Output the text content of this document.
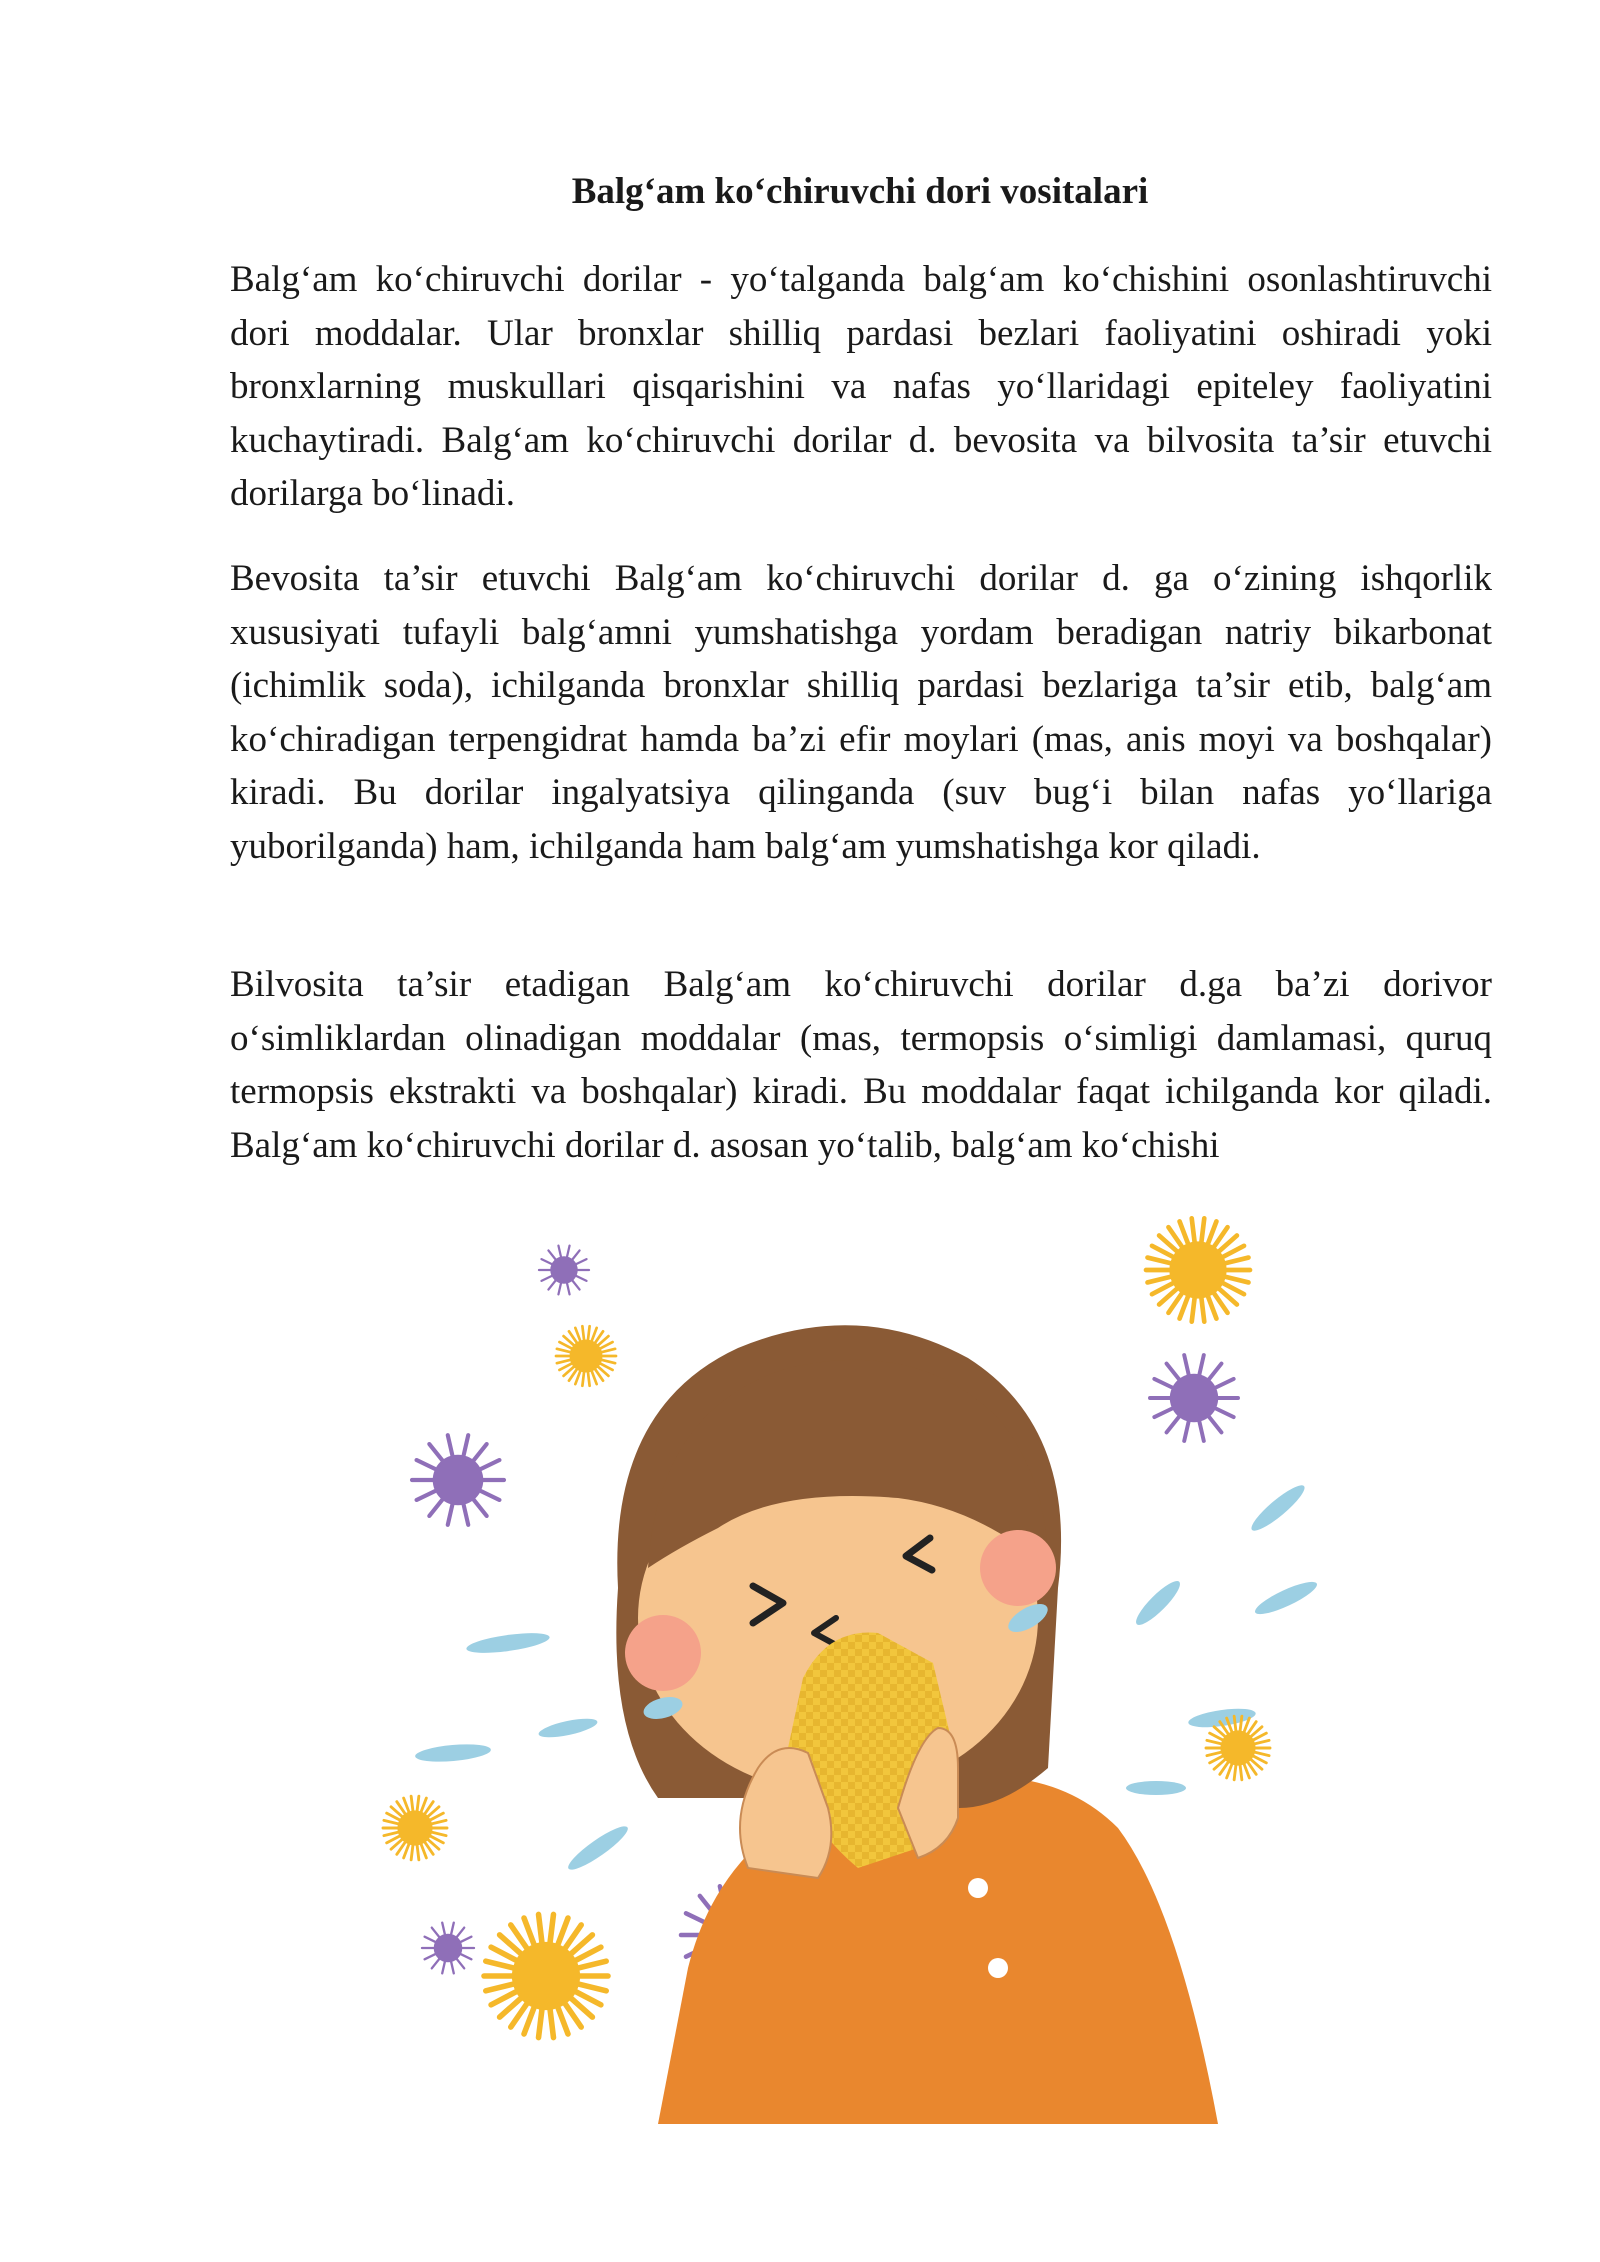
Balg‘am ko‘chiruvchi dori vositalari

Balg‘am ko‘chiruvchi dorilar - yo‘talganda balg‘am ko‘chishini osonlashtiruvchi dori moddalar. Ular bronxlar shilliq pardasi bezlari faoliyatini oshiradi yoki bronxlarning muskullari qisqarishini va nafas yo‘llaridagi epiteley faoliyatini kuchaytiradi. Balg‘am ko‘chiruvchi dorilar d. bevosita va bilvosita ta’sir etuvchi dorilarga bo‘linadi.

Bevosita ta’sir etuvchi Balg‘am ko‘chiruvchi dorilar d. ga o‘zining ishqorlik xususiyati tufayli balg‘amni yumshatishga yordam beradigan natriy bikarbonat (ichimlik soda), ichilganda bronxlar shilliq pardasi bezlariga ta’sir etib, balg‘am ko‘chiradigan terpengidrat hamda ba’zi efir moylari (mas, anis moyi va boshqalar) kiradi. Bu dorilar ingalyatsiya qilinganda (suv bug‘i bilan nafas yo‘llariga yuborilganda) ham, ichilganda ham balg‘am yumshatishga kor qiladi.

Bilvosita ta’sir etadigan Balg‘am ko‘chiruvchi dorilar d.ga ba’zi dorivor o‘simliklardan olinadigan moddalar (mas, termopsis o‘simligi damlamasi, quruq termopsis ekstrakti va boshqalar) kiradi. Bu moddalar faqat ichilganda kor qiladi. Balg‘am ko‘chiruvchi dorilar d. asosan yo‘talib, balg‘am ko‘chishi
